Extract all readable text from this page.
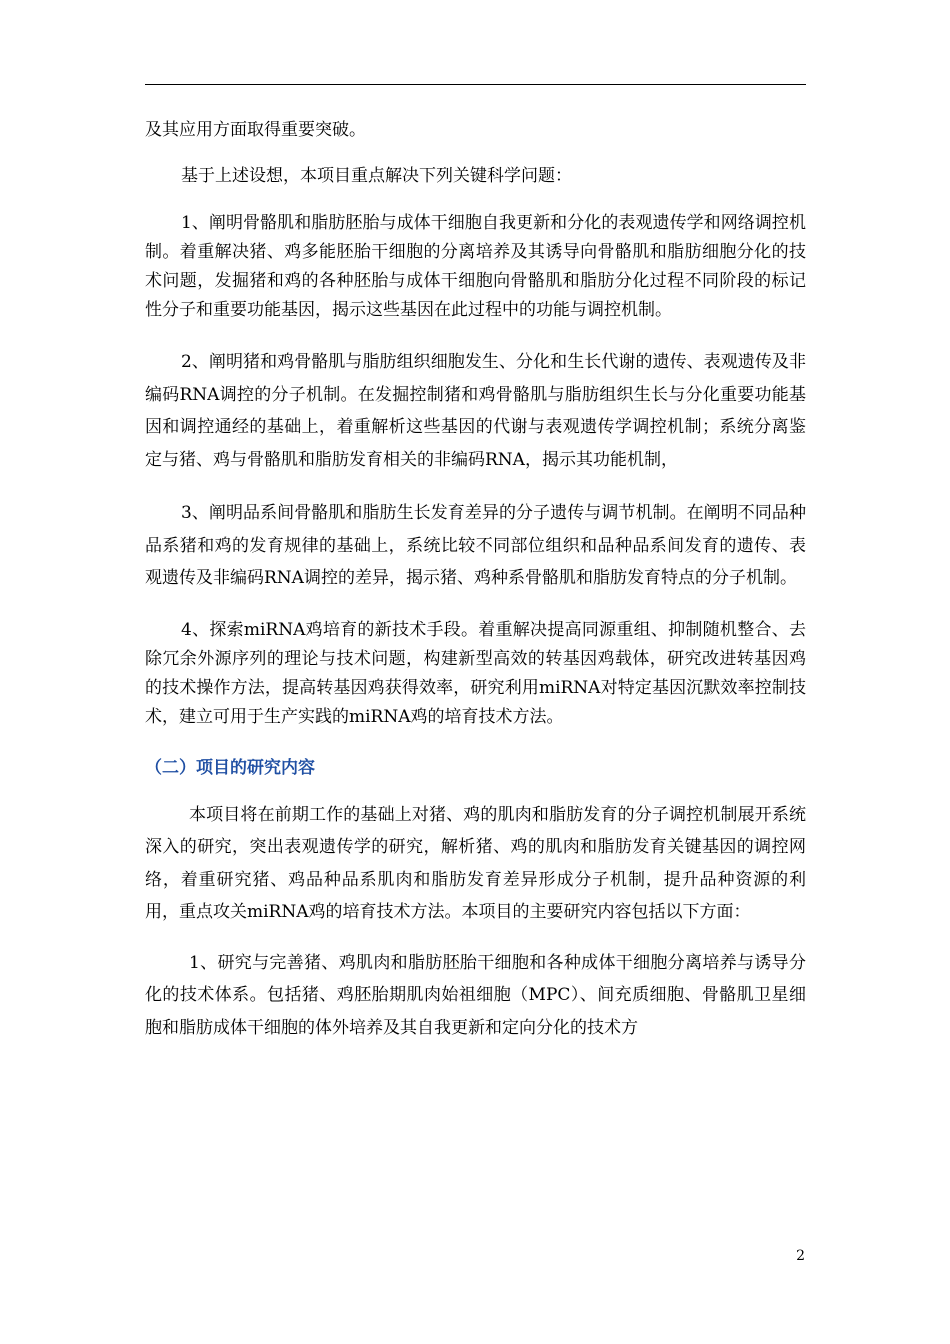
及其应用方面取得重要突破。

基于上述设想，本项目重点解决下列关键科学问题：

1、阐明骨骼肌和脂肪胚胎与成体干细胞自我更新和分化的表观遗传学和网络调控机制。着重解决猪、鸡多能胚胎干细胞的分离培养及其诱导向骨骼肌和脂肪细胞分化的技术问题，发掘猪和鸡的各种胚胎与成体干细胞向骨骼肌和脂肪分化过程不同阶段的标记性分子和重要功能基因，揭示这些基因在此过程中的功能与调控机制。

2、阐明猪和鸡骨骼肌与脂肪组织细胞发生、分化和生长代谢的遗传、表观遗传及非编码RNA调控的分子机制。在发掘控制猪和鸡骨骼肌与脂肪组织生长与分化重要功能基因和调控通经的基础上，着重解析这些基因的代谢与表观遗传学调控机制；系统分离鉴定与猪、鸡与骨骼肌和脂肪发育相关的非编码RNA，揭示其功能机制，

3、阐明品系间骨骼肌和脂肪生长发育差异的分子遗传与调节机制。在阐明不同品种品系猪和鸡的发育规律的基础上，系统比较不同部位组织和品种品系间发育的遗传、表观遗传及非编码RNA调控的差异，揭示猪、鸡种系骨骼肌和脂肪发育特点的分子机制。

4、探索miRNA鸡培育的新技术手段。着重解决提高同源重组、抑制随机整合、去除冗余外源序列的理论与技术问题，构建新型高效的转基因鸡载体，研究改进转基因鸡的技术操作方法，提高转基因鸡获得效率，研究利用miRNA对特定基因沉默效率控制技术，建立可用于生产实践的miRNA鸡的培育技术方法。

（二）项目的研究内容

本项目将在前期工作的基础上对猪、鸡的肌肉和脂肪发育的分子调控机制展开系统深入的研究，突出表观遗传学的研究，解析猪、鸡的肌肉和脂肪发育关键基因的调控网络，着重研究猪、鸡品种品系肌肉和脂肪发育差异形成分子机制，提升品种资源的利用，重点攻关miRNA鸡的培育技术方法。本项目的主要研究内容包括以下方面：

1、研究与完善猪、鸡肌肉和脂肪胚胎干细胞和各种成体干细胞分离培养与诱导分化的技术体系。包括猪、鸡胚胎期肌肉始祖细胞（MPC）、间充质细胞、骨骼肌卫星细胞和脂肪成体干细胞的体外培养及其自我更新和定向分化的技术方

2
